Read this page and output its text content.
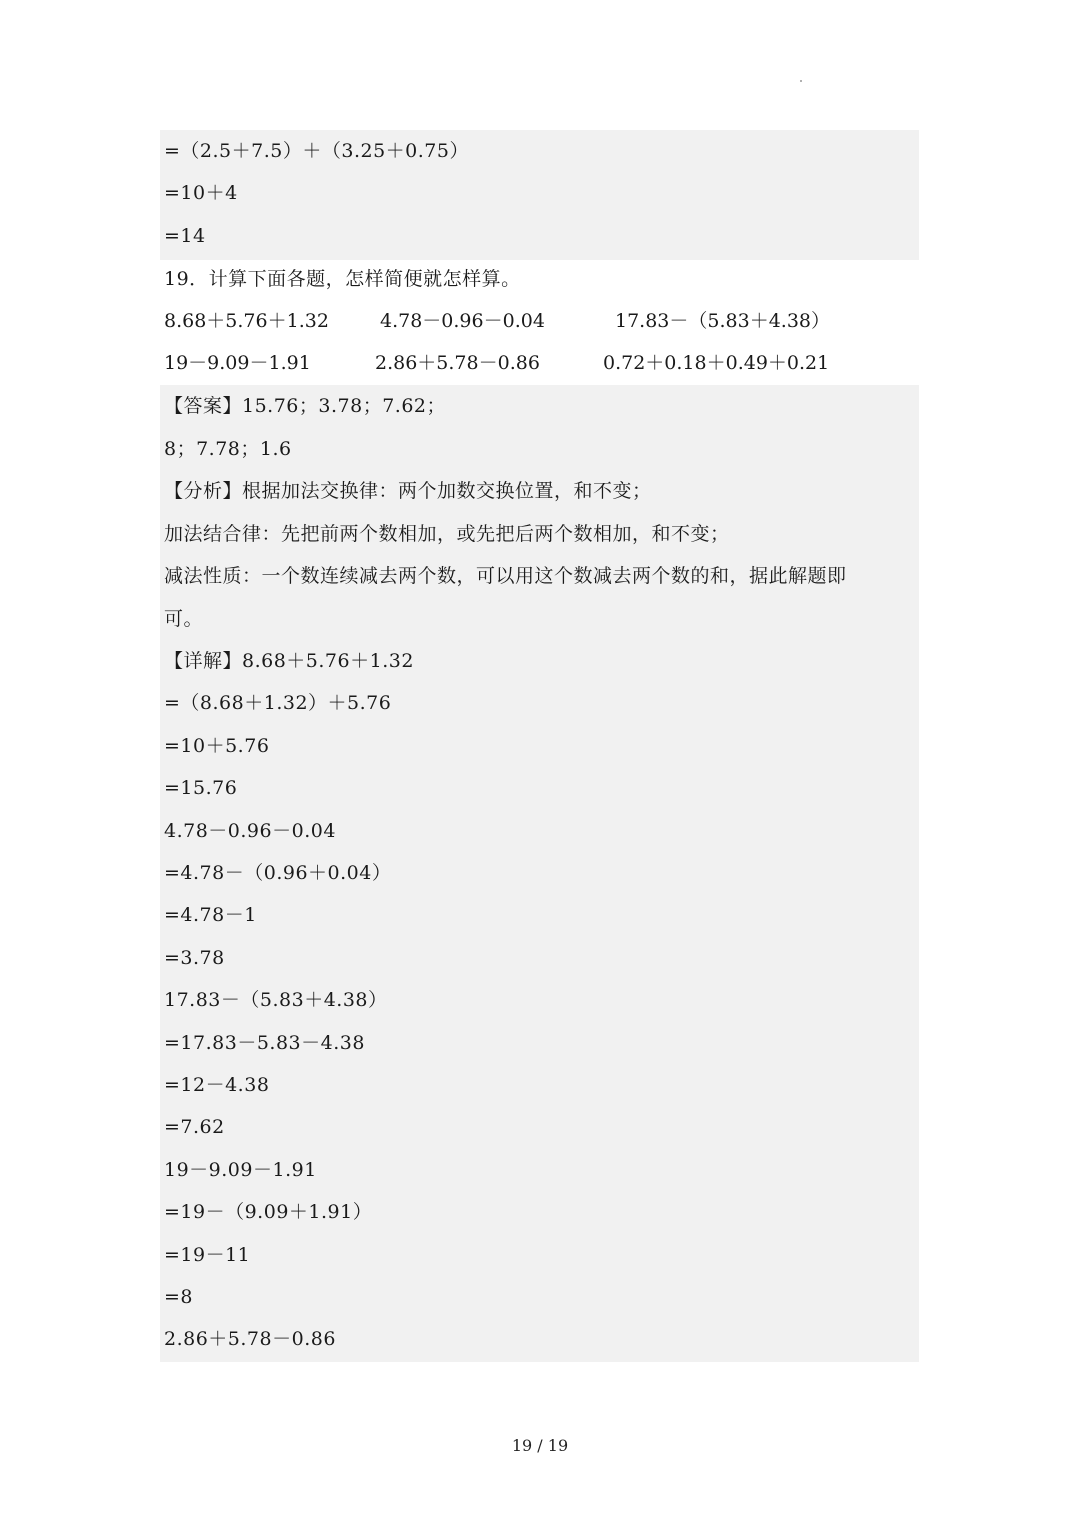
=（2.5＋7.5）＋（3.25＋0.75）
=10＋4
=14
19．计算下面各题，怎样简便就怎样算。
8.68＋5.76＋1.32	4.78－0.96－0.04	17.83－（5.83＋4.38）
19－9.09－1.91	2.86＋5.78－0.86	0.72＋0.18＋0.49＋0.21
【答案】15.76；3.78；7.62；
8；7.78；1.6
【分析】根据加法交换律：两个加数交换位置，和不变；
加法结合律：先把前两个数相加，或先把后两个数相加，和不变；
减法性质：一个数连续减去两个数，可以用这个数减去两个数的和，据此解题即
可。
【详解】8.68＋5.76＋1.32
=（8.68＋1.32）＋5.76
=10＋5.76
=15.76
4.78－0.96－0.04
=4.78－（0.96＋0.04）
=4.78－1
=3.78
17.83－（5.83＋4.38）
=17.83－5.83－4.38
=12－4.38
=7.62
19－9.09－1.91
=19－（9.09＋1.91）
=19－11
=8
2.86＋5.78－0.86
19 / 19
